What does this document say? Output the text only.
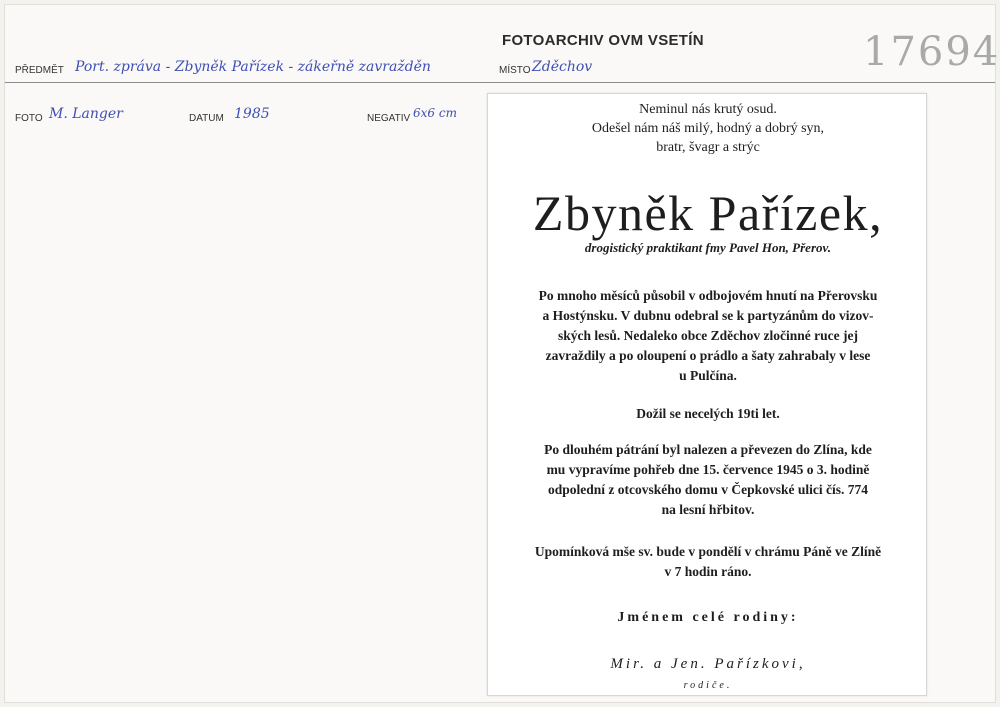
FOTOARCHIV OVM VSETÍN	17694
PŘEDMĚT Port. zpráva - Zbyněk Pařízek - zákeřně zavražděn	MÍSTO Zděchov
FOTO M. Langer	DATUM 1985	NEGATIV 6x6 cm	Neminul nás krutý osud.
Odešel nám náš milý, hodný a dobrý syn,
bratr, švagr a strýc
Zbyněk Pařízek,
drogistický praktikant fmy Pavel Hon, Přerov.
Po mnoho měsíců působil v odbojovém hnutí na Přerovsku
a Hostýnsku. V dubnu odebral se k partyzánům do vizov-
ských lesů. Nedaleko obce Zděchov zločinné ruce jej
zavraždily a po oloupení o prádlo a šaty zahrabaly v lese
u Pulčína.
Dožil se necelých 19ti let.
Po dlouhém pátrání byl nalezen a převezen do Zlína, kde
mu vypravíme pohřeb dne 15. července 1945 o 3. hodině
odpolední z otcovského domu v Čepkovské ulici čís. 774
na lesní hřbitov.
Upomínková mše sv. bude v pondělí v chrámu Páně ve Zlíně
v 7 hodin ráno.
Jménem celé rodiny:
Mir. a Jen. Pařízkovi,
rodiče.
